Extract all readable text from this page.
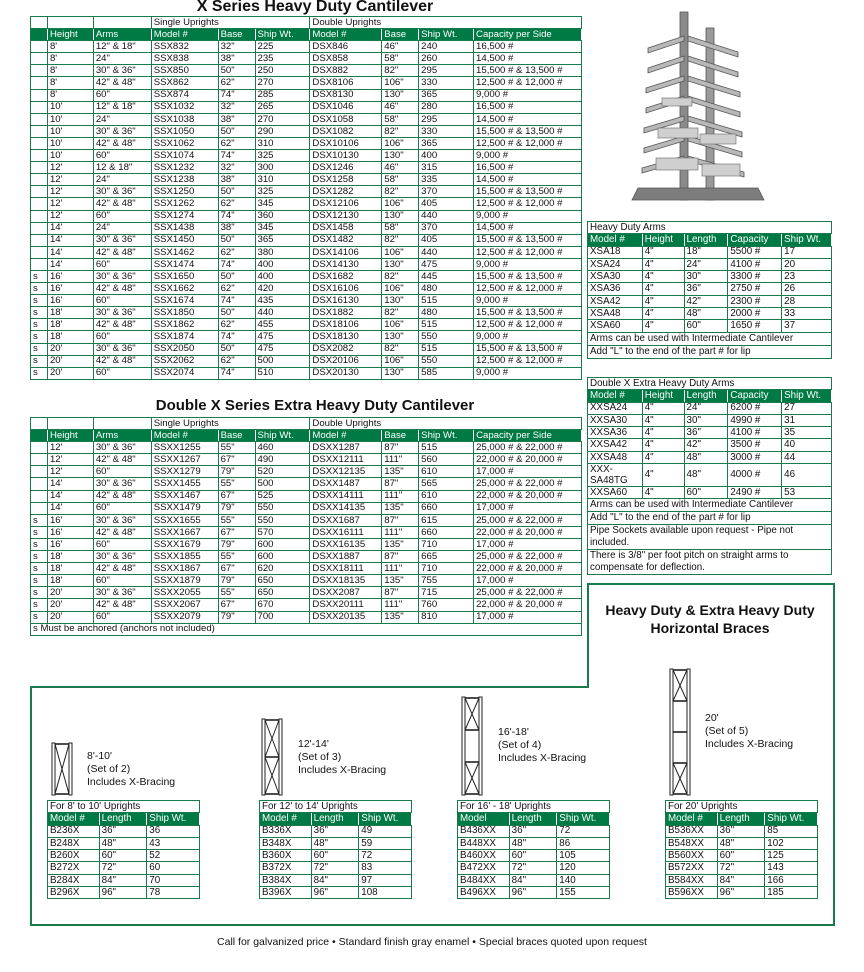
X Series Heavy Duty Cantilever
			Single Uprights			Double Uprights			
	Height	Arms	Model #	Base	Ship Wt.	Model #	Base	Ship Wt.	Capacity per Side
	8'	12" & 18"	SSX832	32"	225	DSX846	46"	240	16,500 #
	8'	24"	SSX838	38"	235	DSX858	58"	260	14,500 #
	8'	30" & 36"	SSX850	50"	250	DSX882	82"	295	15,500 # & 13,500 #
	8'	42" & 48"	SSX862	62"	270	DSX8106	106"	330	12,500 # & 12,000 #
	8'	60"	SSX874	74"	285	DSX8130	130"	365	9,000 #
	10'	12" & 18"	SSX1032	32"	265	DSX1046	46"	280	16,500 #
	10'	24"	SSX1038	38"	270	DSX1058	58"	295	14,500 #
	10'	30" & 36"	SSX1050	50"	290	DSX1082	82"	330	15,500 # & 13,500 #
	10'	42" & 48"	SSX1062	62"	310	DSX10106	106"	365	12,500 # & 12,000 #
	10'	60"	SSX1074	74"	325	DSX10130	130"	400	9,000 #
	12'	12 & 18"	SSX1232	32"	300	DSX1246	46"	315	16,500 #
	12'	24"	SSX1238	38"	310	DSX1258	58"	335	14,500 #
	12'	30" & 36"	SSX1250	50"	325	DSX1282	82"	370	15,500 # & 13,500 #
	12'	42" & 48"	SSX1262	62"	345	DSX12106	106"	405	12,500 # & 12,000 #
	12'	60"	SSX1274	74"	360	DSX12130	130"	440	9,000 #
	14'	24"	SSX1438	38"	345	DSX1458	58"	370	14,500 #
	14'	30" & 36"	SSX1450	50"	365	DSX1482	82"	405	15,500 # & 13,500 #
	14'	42" & 48"	SSX1462	62"	380	DSX14106	106"	440	12,500 # & 12,000 #
	14'	60"	SSX1474	74"	400	DSX14130	130"	475	9,000 #
s	16'	30" & 36"	SSX1650	50"	400	DSX1682	82"	445	15,500 # & 13,500 #
s	16'	42" & 48"	SSX1662	62"	420	DSX16106	106"	480	12,500 # & 12,000 #
s	16'	60"	SSX1674	74"	435	DSX16130	130"	515	9,000 #
s	18'	30" & 36"	SSX1850	50"	440	DSX1882	82"	480	15,500 # & 13,500 #
s	18'	42" & 48"	SSX1862	62"	455	DSX18106	106"	515	12,500 # & 12,000 #
s	18'	60"	SSX1874	74"	475	DSX18130	130"	550	9,000 #
s	20'	30" & 36"	SSX2050	50"	475	DSX2082	82"	515	15,500 # & 13,500 #
s	20'	42" & 48"	SSX2062	62"	500	DSX20106	106"	550	12,500 # & 12,000 #
s	20'	60"	SSX2074	74"	510	DSX20130	130"	585	9,000 #
Heavy Duty Arms				
Model #	Height	Length	Capacity	Ship Wt.
XSA18	4"	18"	5500 #	17
XSA24	4"	24"	4100 #	20
XSA30	4"	30"	3300 #	23
XSA36	4"	36"	2750 #	26
XSA42	4"	42"	2300 #	28
XSA48	4"	48"	2000 #	33
XSA60	4"	60"	1650 #	37
Arms can be used with Intermediate Cantilever				
Add "L" to the end of the part # for lip				
Double X Extra Heavy Duty Arms				
Model #	Height	Length	Capacity	Ship Wt.
XXSA24	4"	24"	6200 #	27
XXSA30	4"	30"	4990 #	31
XXSA36	4"	36"	4100 #	35
XXSA42	4"	42"	3500 #	40
XXSA48	4"	48"	3000 #	44
XXX-SA48TG	4"	48"	4000 #	46
XXSA60	4"	60"	2490 #	53
Arms can be used with Intermediate Cantilever				
Add "L" to the end of the part # for lip				
Pipe Sockets available upon request - Pipe not included.				
There is 3/8" per foot pitch on straight arms to compensate for deflection.				
Double X Series Extra Heavy Duty Cantilever
			Single Uprights			Double Uprights			
	Height	Arms	Model #	Base	Ship Wt.	Model #	Base	Ship Wt.	Capacity per Side
	12'	30" & 36"	SSXX1255	55"	460	DSXX1287	87"	515	25,000 # & 22,000 #
	12'	42" & 48"	SSXX1267	67"	490	DSXX12111	111"	560	22,000 # & 20,000 #
	12'	60"	SSXX1279	79"	520	DSXX12135	135"	610	17,000 #
	14'	30" & 36"	SSXX1455	55"	500	DSXX1487	87"	565	25,000 # & 22,000 #
	14'	42" & 48"	SSXX1467	67"	525	DSXX14111	111"	610	22,000 # & 20,000 #
	14'	60"	SSXX1479	79"	550	DSXX14135	135"	660	17,000 #
s	16'	30" & 36"	SSXX1655	55"	550	DSXX1687	87"	615	25,000 # & 22,000 #
s	16'	42" & 48"	SSXX1667	67"	570	DSXX16111	111"	660	22,000 # & 20,000 #
s	16'	60"	SSXX1679	79"	600	DSXX16135	135"	710	17,000 #
s	18'	30" & 36"	SSXX1855	55"	600	DSXX1887	87"	665	25,000 # & 22,000 #
s	18'	42" & 48"	SSXX1867	67"	620	DSXX18111	111"	710	22,000 # & 20,000 #
s	18'	60"	SSXX1879	79"	650	DSXX18135	135"	755	17,000 #
s	20'	30" & 36"	SSXX2055	55"	650	DSXX2087	87"	715	25,000 # & 22,000 #
s	20'	42" & 48"	SSXX2067	67"	670	DSXX20111	111"	760	22,000 # & 20,000 #
s	20'	60"	SSXX2079	79"	700	DSXX20135	135"	810	17,000 #
s Must be anchored (anchors not included)									
Heavy Duty & Extra Heavy Duty
Horizontal Braces
8'-10'
(Set of 2)
Includes X-Bracing
For 8' to 10' Uprights		
Model #	Length	Ship Wt.
B236X	36"	36
B248X	48"	43
B260X	60"	52
B272X	72"	60
B284X	84"	70
B296X	96"	78
12'-14'
(Set of 3)
Includes X-Bracing
For 12' to 14' Uprights		
Model #	Length	Ship Wt.
B336X	36"	49
B348X	48"	59
B360X	60"	72
B372X	72"	83
B384X	84"	97
B396X	96"	108
16'-18'
(Set of 4)
Includes X-Bracing
For 16' - 18' Uprights		
Model	Length	Ship Wt.
B436XX	36"	72
B448XX	48"	86
B460XX	60"	105
B472XX	72"	120
B484XX	84"	140
B496XX	96"	155
20'
(Set of 5)
Includes X-Bracing
For 20' Uprights		
Model #	Length	Ship Wt.
B536XX	36"	85
B548XX	48"	102
B560XX	60"	125
B572XX	72"	143
B584XX	84"	166
B596XX	96"	185
Call for galvanized price • Standard finish gray enamel • Special braces quoted upon request
